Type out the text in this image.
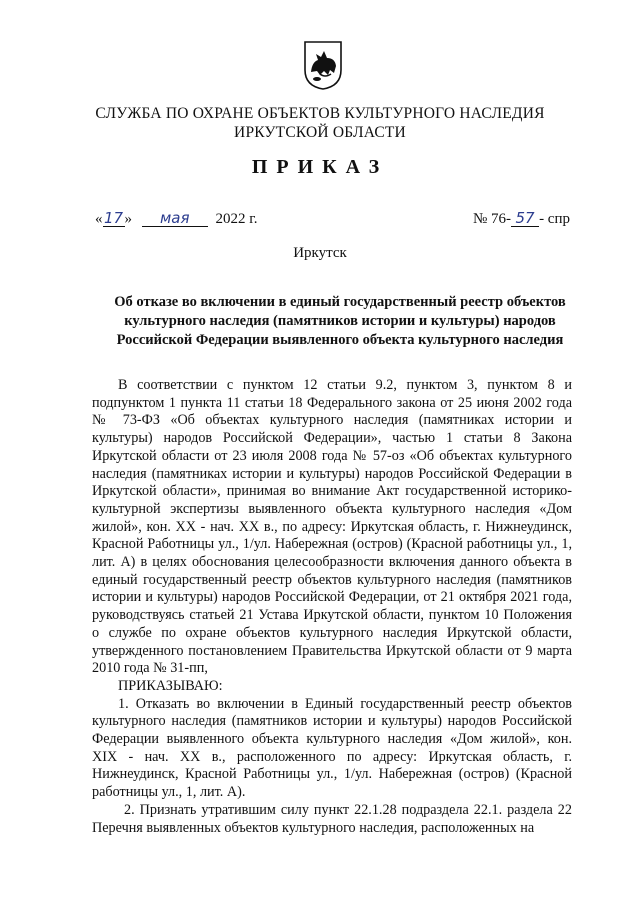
СЛУЖБА ПО ОХРАНЕ ОБЪЕКТОВ КУЛЬТУРНОГО НАСЛЕДИЯ
ИРКУТСКОЙ ОБЛАСТИ
ПРИКАЗ
«17» мая 2022 г.	№ 76- 57 - спр
Иркутск
Об отказе во включении в единый государственный реестр объектов
культурного наследия (памятников истории и культуры) народов
Российской Федерации выявленного объекта культурного наследия

В соответствии с пунктом 12 статьи 9.2, пунктом 3, пунктом 8 и подпунктом 1 пункта 11 статьи 18 Федерального закона от 25 июня 2002 года № 73-ФЗ «Об объектах культурного наследия (памятниках истории и культуры) народов Российской Федерации», частью 1 статьи 8 Закона Иркутской области от 23 июля 2008 года № 57-оз «Об объектах культурного наследия (памятниках истории и культуры) народов Российской Федерации в Иркутской области», принимая во внимание Акт государственной историко-культурной экспертизы выявленного объекта культурного наследия «Дом жилой», кон. XX - нач. XX в., по адресу: Иркутская область, г. Нижнеудинск, Красной Работницы ул., 1/ул. Набережная (остров) (Красной работницы ул., 1, лит. А) в целях обоснования целесообразности включения данного объекта в единый государственный реестр объектов культурного наследия (памятников истории и культуры) народов Российской Федерации, от 21 октября 2021 года, руководствуясь статьей 21 Устава Иркутской области, пунктом 10 Положения о службе по охране объектов культурного наследия Иркутской области, утвержденного постановлением Правительства Иркутской области от 9 марта 2010 года № 31-пп,

ПРИКАЗЫВАЮ:

1. Отказать во включении в Единый государственный реестр объектов культурного наследия (памятников истории и культуры) народов Российской Федерации выявленного объекта культурного наследия «Дом жилой», кон. XIX - нач. XX в., расположенного по адресу: Иркутская область, г. Нижнеудинск, Красной Работницы ул., 1/ул. Набережная (остров) (Красной работницы ул., 1, лит. А).

2. Признать утратившим силу пункт 22.1.28 подраздела 22.1. раздела 22 Перечня выявленных объектов культурного наследия, расположенных на
